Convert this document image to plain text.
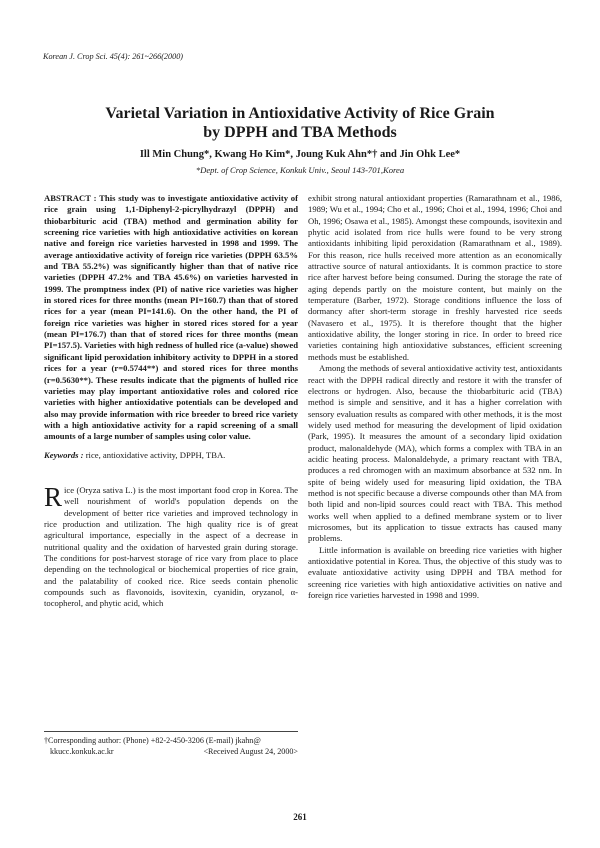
Korean J. Crop Sci. 45(4): 261~266(2000)
Varietal Variation in Antioxidative Activity of Rice Grain
by DPPH and TBA Methods
Ill Min Chung*, Kwang Ho Kim*, Joung Kuk Ahn*† and Jin Ohk Lee*
*Dept. of Crop Science, Konkuk Univ., Seoul 143-701,Korea

ABSTRACT : This study was to investigate antioxidative activity of rice grain using 1,1-Diphenyl-2-picrylhydrazyl (DPPH) and thiobarbituric acid (TBA) method and germination ability for screening rice varieties with high antioxidative activities on korean native and foreign rice varieties harvested in 1998 and 1999. The average antioxidative activity of foreign rice varieties (DPPH 63.5% and TBA 55.2%) was significantly higher than that of native rice varieties (DPPH 47.2% and TBA 45.6%) on varieties harvested in 1999. The promptness index (PI) of native rice varieties was higher in stored rices for three months (mean PI=160.7) than that of stored rices for a year (mean PI=141.6). On the other hand, the PI of foreign rice varieties was higher in stored rices stored for a year (mean PI=176.7) than that of stored rices for three months (mean PI=157.5). Varieties with high redness of hulled rice (a-value) showed significant lipid peroxidation inhibitory activity to DPPH in a stored rices for a year (r=0.5744**) and stored rices for three months (r=0.5630**). These results indicate that the pigments of hulled rice varieties may play important antioxidative roles and colored rice varieties with higher antioxidative potentials can be developed and also may provide information with rice breeder to breed rice variety with a high antioxidative activity for a rapid screening of a small amounts of a large number of samples using color value.

Keywords : rice, antioxidative activity, DPPH, TBA.

Rice (Oryza sativa L.) is the most important food crop in Korea. The well nourishment of world's population depends on the development of better rice varieties and improved technology in rice production and utilization. The high quality rice is of great agricultural importance, especially in the aspect of a decrease in nutritional quality and the oxidation of harvested grain during storage. The conditions for post-harvest storage of rice vary from place to place depending on the technological or biochemical properties of rice grain, and the palatability of cooked rice. Rice seeds contain phenolic compounds such as flavonoids, isovitexin, cyanidin, oryzanol, α-tocopherol, and phytic acid, which

exhibit strong natural antioxidant properties (Ramarathnam et al., 1986, 1989; Wu et al., 1994; Cho et al., 1996; Choi et al., 1994, 1996; Choi and Oh, 1996; Osawa et al., 1985). Amongst these compounds, isovitexin and phytic acid isolated from rice hulls were found to be very strong antioxidants inhibiting lipid peroxidation (Ramarathnam et al., 1989). For this reason, rice hulls received more attention as an economically attractive source of natural antioxidants. It is common practice to store rice after harvest before being consumed. During the storage the rate of aging depends partly on the moisture content, but mainly on the temperature (Barber, 1972). Storage conditions influence the loss of dormancy after short-term storage in freshly harvested rice seeds (Navasero et al., 1975). It is therefore thought that the higher antioxidative ability, the longer storing in rice. In order to breed rice varieties containing high antioxidative substances, efficient screening methods must be established.

Among the methods of several antioxidative activity test, antioxidants react with the DPPH radical directly and restore it with the transfer of electrons or hydrogen. Also, because the thiobarbituric acid (TBA) method is simple and sensitive, and it has a higher correlation with sensory evaluation results as compared with other methods, it is the most widely used method for measuring the development of lipid oxidation (Park, 1995). It measures the amount of a secondary lipid oxidation product, malonaldehyde (MA), which forms a complex with TBA in an acidic heating process. Malonaldehyde, a primary reactant with TBA, produces a red chromogen with an maximum absorbance at 532 nm. In spite of being widely used for measuring lipid oxidation, the TBA method is not specific because a diverse compounds other than MA from both lipid and non-lipid sources could react with TBA. This method works well when applied to a defined membrane system or to liver microsomes, but its application to tissue extracts has caused many problems.

Little information is available on breeding rice varieties with higher antioxidative potential in Korea. Thus, the objective of this study was to evaluate antioxidative activity using DPPH and TBA method for screening rice varieties with high antioxidative activities on native and foreign rice varieties harvested in 1998 and 1999.

†Corresponding author: (Phone) +82-2-450-3206 (E-mail) jkahn@
kkucc.konkuk.ac.kr	<Received August 24, 2000>
261
